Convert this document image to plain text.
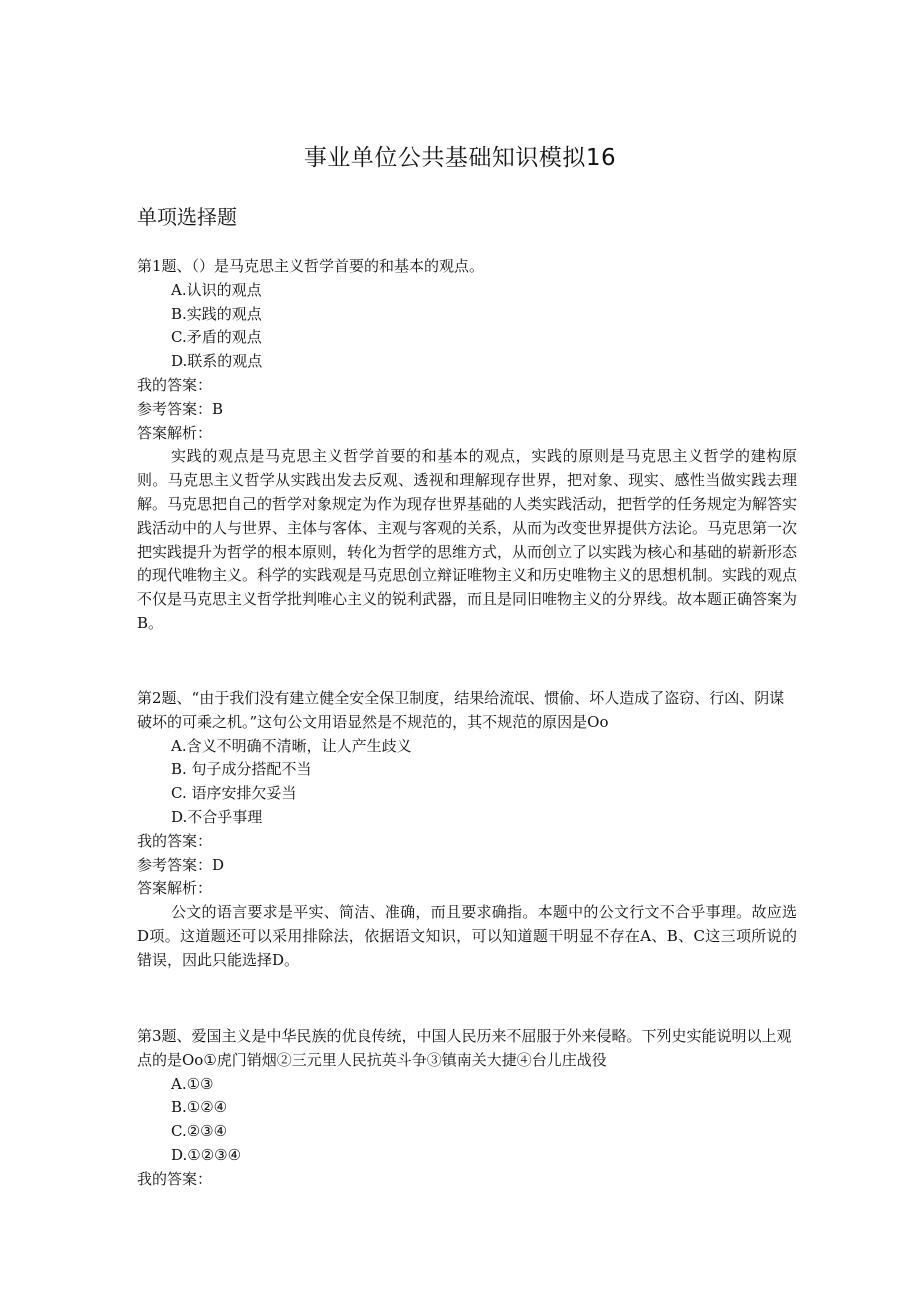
事业单位公共基础知识模拟16
单项选择题

第1题、（）是马克思主义哲学首要的和基本的观点。

A.认识的观点

B.实践的观点

C.矛盾的观点

D.联系的观点

我的答案：

参考答案：B

答案解析：

实践的观点是马克思主义哲学首要的和基本的观点，实践的原则是马克思主义哲学的建构原则。马克思主义哲学从实践出发去反观、透视和理解现存世界，把对象、现实、感性当做实践去理解。马克思把自己的哲学对象规定为作为现存世界基础的人类实践活动，把哲学的任务规定为解答实践活动中的人与世界、主体与客体、主观与客观的关系，从而为改变世界提供方法论。马克思第一次把实践提升为哲学的根本原则，转化为哲学的思维方式，从而创立了以实践为核心和基础的崭新形态的现代唯物主义。科学的实践观是马克思创立辩证唯物主义和历史唯物主义的思想机制。实践的观点不仅是马克思主义哲学批判唯心主义的锐利武器，而且是同旧唯物主义的分界线。故本题正确答案为B。

第2题、“由于我们没有建立健全安全保卫制度，结果给流氓、惯偷、坏人造成了盗窃、行凶、阴谋破坏的可乘之机。”这句公文用语显然是不规范的，其不规范的原因是Oo

A.含义不明确不清晰，让人产生歧义

B. 句子成分搭配不当

C. 语序安排欠妥当

D.不合乎事理

我的答案：

参考答案：D

答案解析：

公文的语言要求是平实、简洁、准确，而且要求确指。本题中的公文行文不合乎事理。故应选D项。这道题还可以采用排除法，依据语文知识，可以知道题干明显不存在A、B、C这三项所说的错误，因此只能选择D。

第3题、爱国主义是中华民族的优良传统，中国人民历来不屈服于外来侵略。下列史实能说明以上观点的是Oo①虎门销烟②三元里人民抗英斗争③镇南关大捷④台儿庄战役

A.①③

B.①②④

C.②③④

D.①②③④

我的答案：
